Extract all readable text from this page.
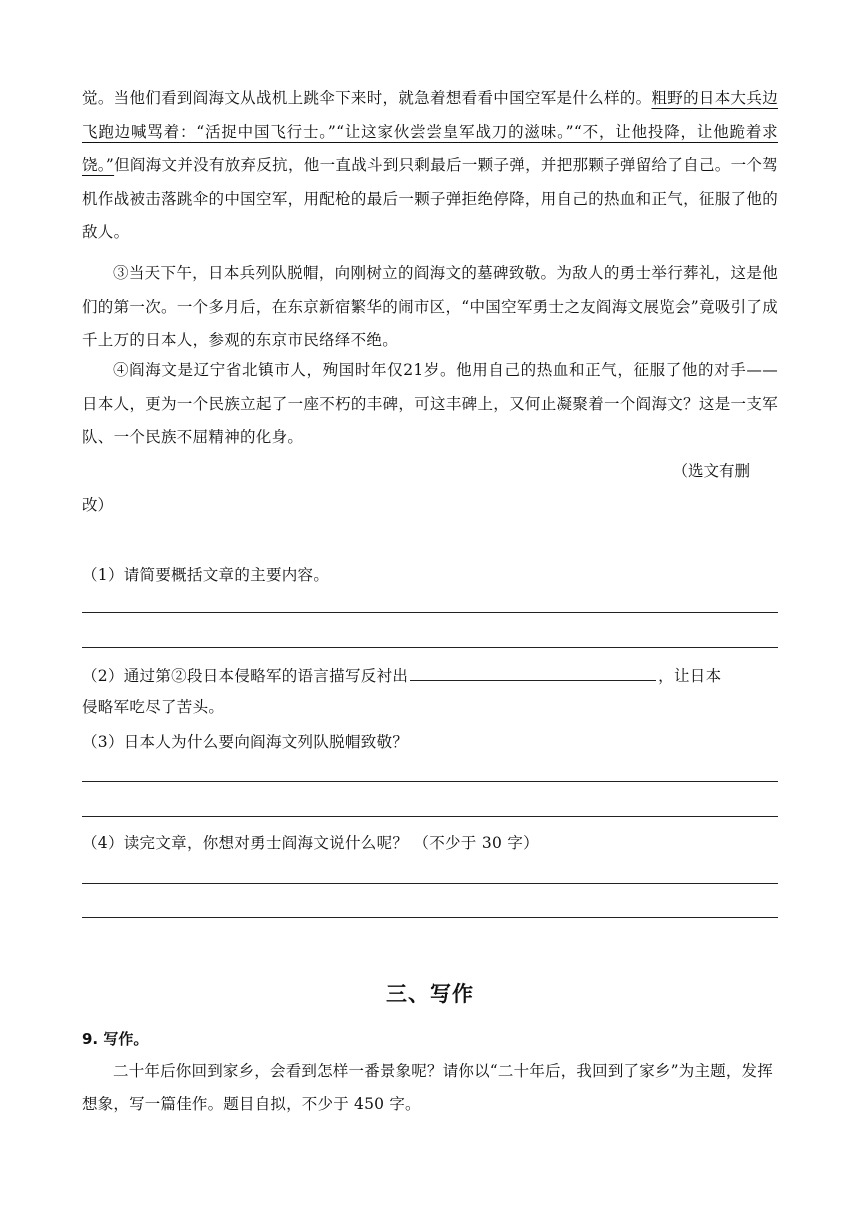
觉。当他们看到阎海文从战机上跳伞下来时，就急着想看看中国空军是什么样的。粗野的日本大兵边飞跑边喊骂着：“活捉中国飞行士。”“让这家伙尝尝皇军战刀的滋味。”“不，让他投降，让他跪着求饶。”但阎海文并没有放弃反抗，他一直战斗到只剩最后一颗子弹，并把那颗子弹留给了自己。一个驾机作战被击落跳伞的中国空军，用配枪的最后一颗子弹拒绝停降，用自己的热血和正气，征服了他的敌人。
③当天下午，日本兵列队脱帽，向刚树立的阎海文的墓碑致敬。为敌人的勇士举行葬礼，这是他们的第一次。一个多月后，在东京新宿繁华的闹市区，“中国空军勇士之友阎海文展览会”竟吸引了成千上万的日本人，参观的东京市民络绎不绝。
④阎海文是辽宁省北镇市人，殉国时年仅21岁。他用自己的热血和正气，征服了他的对手——日本人，更为一个民族立起了一座不朽的丰碑，可这丰碑上，又何止凝聚着一个阎海文？这是一支军队、一个民族不屈精神的化身。
（选文有删
改）
（1）请简要概括文章的主要内容。
（2）通过第②段日本侵略军的语言描写反衬出	，让日本
侵略军吃尽了苦头。
（3）日本人为什么要向阎海文列队脱帽致敬？
（4）读完文章，你想对勇士阎海文说什么呢？ （不少于 30 字）
三、写作
9. 写作。
二十年后你回到家乡，会看到怎样一番景象呢？请你以“二十年后，我回到了家乡”为主题，发挥想象，写一篇佳作。题目自拟，不少于 450 字。
